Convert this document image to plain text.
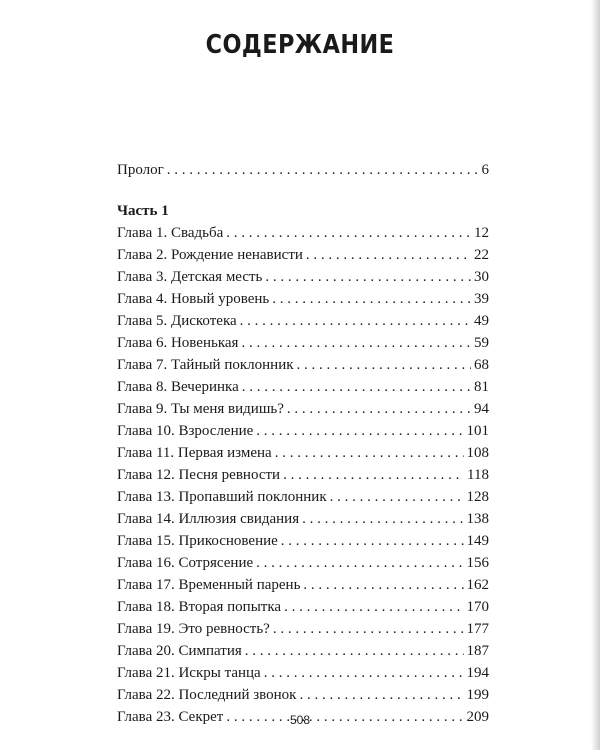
СОДЕРЖАНИЕ
Пролог . . .	6
Часть 1
Глава 1. Свадьба . . .	12
Глава 2. Рождение ненависти . . .	22
Глава 3. Детская месть . . .	30
Глава 4. Новый уровень . . .	39
Глава 5. Дискотека . . .	49
Глава 6. Новенькая . . .	59
Глава 7. Тайный поклонник . . .	68
Глава 8. Вечеринка . . .	81
Глава 9. Ты меня видишь? . . .	94
Глава 10. Взросление . . .	101
Глава 11. Первая измена . . .	108
Глава 12. Песня ревности . . .	118
Глава 13. Пропавший поклонник . . .	128
Глава 14. Иллюзия свидания . . .	138
Глава 15. Прикосновение . . .	149
Глава 16. Сотрясение . . .	156
Глава 17. Временный парень . . .	162
Глава 18. Вторая попытка . . .	170
Глава 19. Это ревность? . . .	177
Глава 20. Симпатия . . .	187
Глава 21. Искры танца . . .	194
Глава 22. Последний звонок . . .	199
Глава 23. Секрет . . .	209
508
